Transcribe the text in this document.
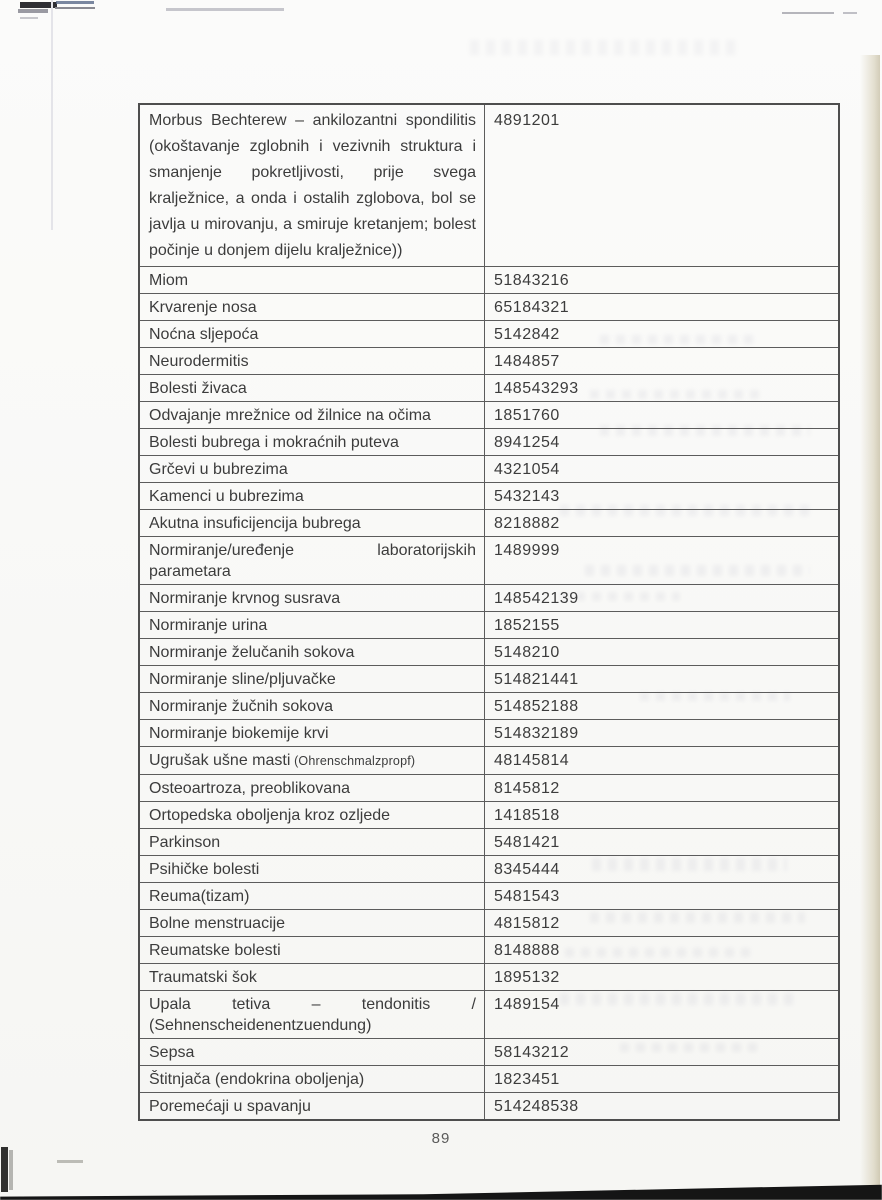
Morbus Bechterew – ankilozantni spondilitis (okoštavanje zglobnih i vezivnih struktura i smanjenje pokretljivosti, prije svega kralježnice, a onda i ostalih zglobova, bol se javlja u mirovanju, a smiruje kretanjem; bolest počinje u donjem dijelu kralježnice))	4891201
Miom	51843216
Krvarenje nosa	65184321
Noćna sljepoća	5142842
Neurodermitis	1484857
Bolesti živaca	148543293
Odvajanje mrežnice od žilnice na očima	1851760
Bolesti bubrega i mokraćnih puteva	8941254
Grčevi u bubrezima	4321054
Kamenci u bubrezima	5432143
Akutna insuficijencija bubrega	8218882
Normiranje/uređenje laboratorijskih parametara	1489999
Normiranje krvnog susrava	148542139
Normiranje urina	1852155
Normiranje želučanih sokova	5148210
Normiranje sline/pljuvačke	514821441
Normiranje žučnih sokova	514852188
Normiranje biokemije krvi	514832189
Ugrušak ušne masti (Ohrenschmalzpropf)	48145814
Osteoartroza, preoblikovana	8145812
Ortopedska oboljenja kroz ozljede	1418518
Parkinson	5481421
Psihičke bolesti	8345444
Reuma(tizam)	5481543
Bolne menstruacije	4815812
Reumatske bolesti	8148888
Traumatski šok	1895132
Upala tetiva – tendonitis / (Sehnenscheidenentzuendung)	1489154
Sepsa	58143212
Štitnjača (endokrina oboljenja)	1823451
Poremećaji u spavanju	514248538
89
